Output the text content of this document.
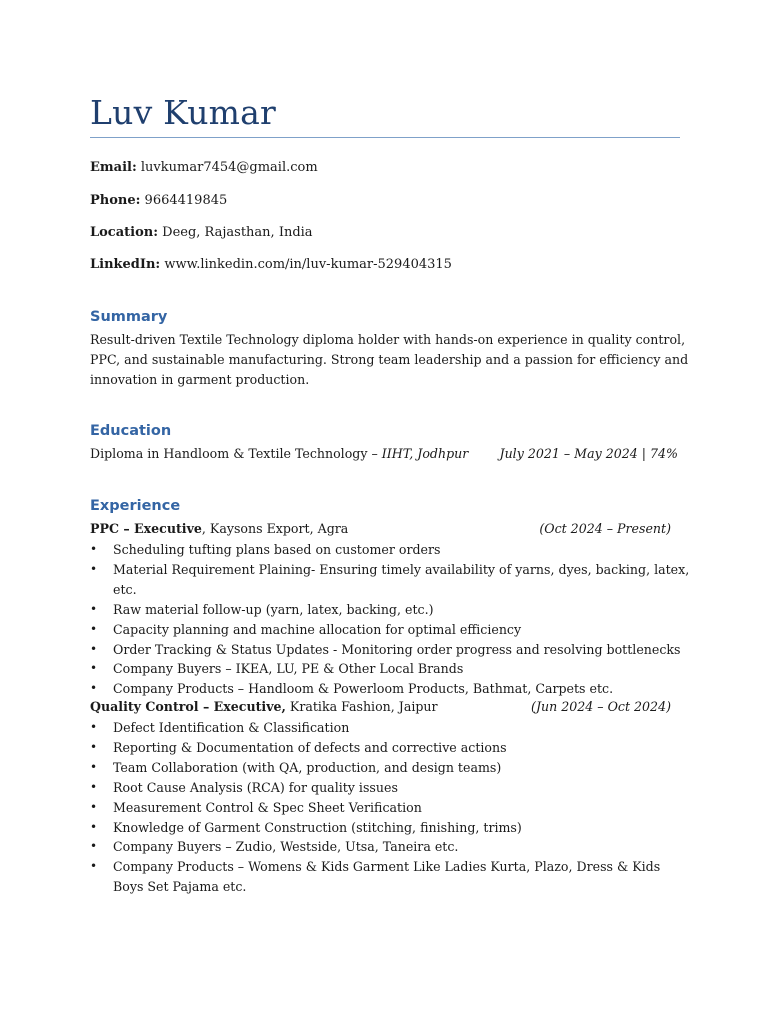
Luv Kumar
Email: luvkumar7454@gmail.com
Phone: 9664419845
Location: Deeg, Rajasthan, India
LinkedIn: www.linkedin.com/in/luv-kumar-529404315
Summary
Result-driven Textile Technology diploma holder with hands-on experience in quality control, PPC, and sustainable manufacturing. Strong team leadership and a passion for efficiency and innovation in garment production.
Education
Diploma in Handloom & Textile Technology – IIHT, Jodhpur July 2021 – May 2024 | 74%
Experience
PPC – Executive, Kaysons Export, Agra	(Oct 2024 – Present)
•	Scheduling tufting plans based on customer orders
•	Material Requirement Plaining- Ensuring timely availability of yarns, dyes, backing, latex, etc.
•	Raw material follow-up (yarn, latex, backing, etc.)
•	Capacity planning and machine allocation for optimal efficiency
•	Order Tracking & Status Updates - Monitoring order progress and resolving bottlenecks
•	Company Buyers – IKEA, LU, PE & Other Local Brands
•	Company Products – Handloom & Powerloom Products, Bathmat, Carpets etc.
Quality Control – Executive, Kratika Fashion, Jaipur	(Jun 2024 – Oct 2024)
•	Defect Identification & Classification
•	Reporting & Documentation of defects and corrective actions
•	Team Collaboration (with QA, production, and design teams)
•	Root Cause Analysis (RCA) for quality issues
•	Measurement Control & Spec Sheet Verification
•	Knowledge of Garment Construction (stitching, finishing, trims)
•	Company Buyers – Zudio, Westside, Utsa, Taneira etc.
•	Company Products – Womens & Kids Garment Like Ladies Kurta, Plazo, Dress & Kids Boys Set Pajama etc.
